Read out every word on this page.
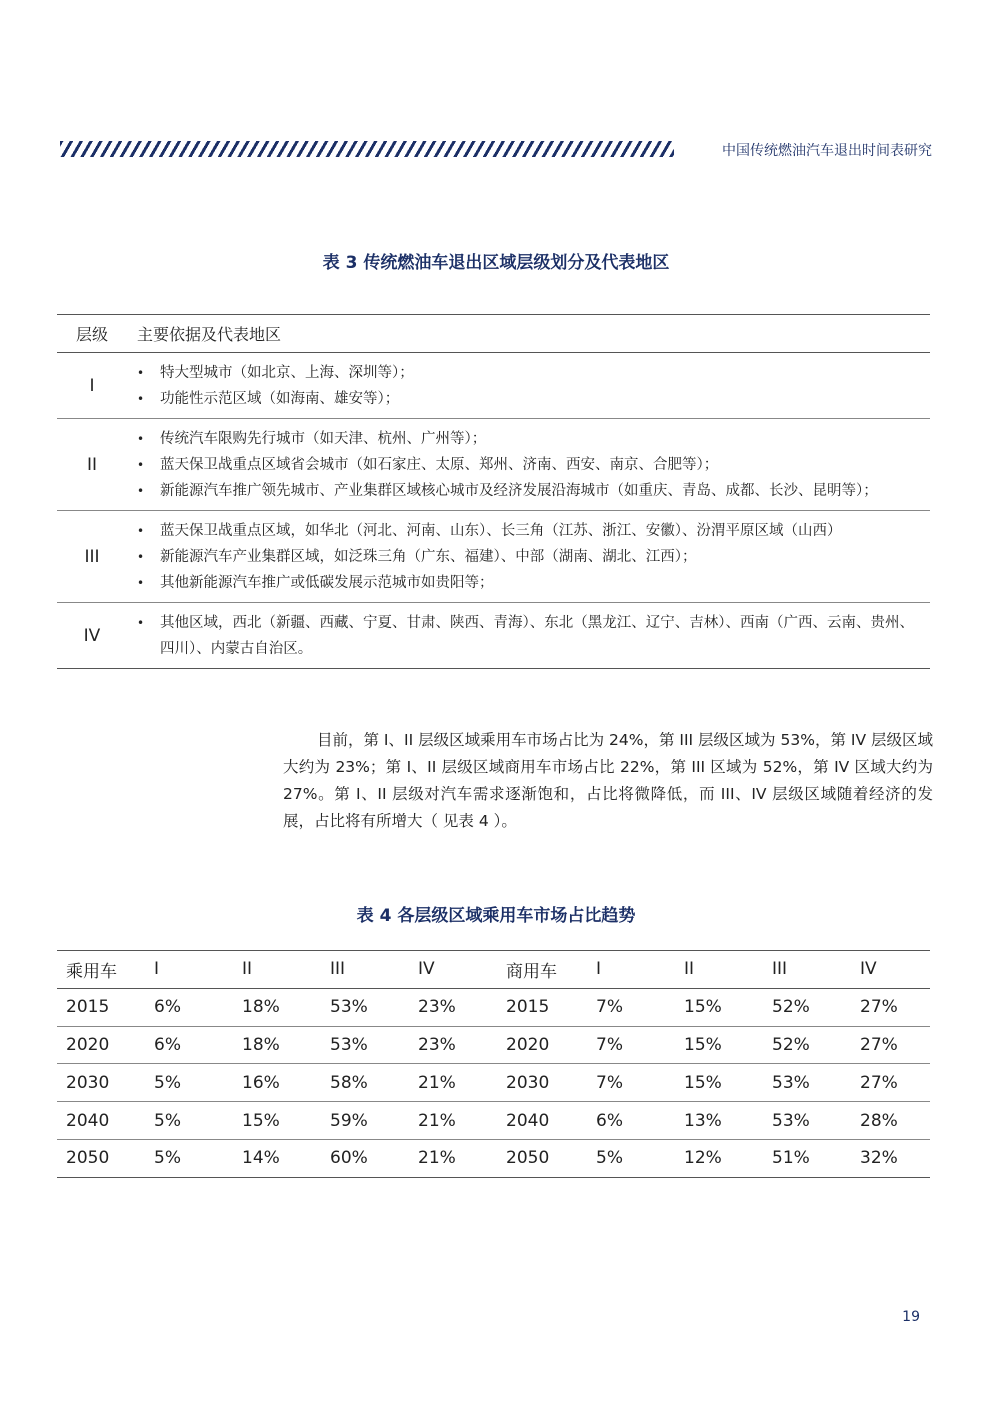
中国传统燃油汽车退出时间表研究
表 3 传统燃油车退出区域层级划分及代表地区
层级	主要依据及代表地区
I
• 特大型城市（如北京、上海、深圳等）；
• 功能性示范区域（如海南、雄安等）；
II
• 传统汽车限购先行城市（如天津、杭州、广州等）；
• 蓝天保卫战重点区域省会城市（如石家庄、太原、郑州、济南、西安、南京、合肥等）；
• 新能源汽车推广领先城市、产业集群区域核心城市及经济发展沿海城市（如重庆、青岛、成都、长沙、昆明等）；
III
• 蓝天保卫战重点区域，如华北（河北、河南、山东）、长三角（江苏、浙江、安徽）、汾渭平原区域（山西）
• 新能源汽车产业集群区域，如泛珠三角（广东、福建）、中部（湖南、湖北、江西）；
• 其他新能源汽车推广或低碳发展示范城市如贵阳等；
IV
• 其他区域，西北（新疆、西藏、宁夏、甘肃、陕西、青海）、东北（黑龙江、辽宁、吉林）、西南（广西、云南、贵州、四川）、内蒙古自治区。
目前，第 I、II 层级区域乘用车市场占比为 24%，第 III 层级区域为 53%，第 IV 层级区域大约为 23%；第 I、II 层级区域商用车市场占比 22%，第 III 区域为 52%，第 IV 区域大约为 27%。第 I、II 层级对汽车需求逐渐饱和，占比将微降低，而 III、IV 层级区域随着经济的发展，占比将有所增大（ 见表 4 ）。
表 4 各层级区域乘用车市场占比趋势
乘用车	I	II	III	IV	商用车	I	II	III	IV
2015	6%	18%	53%	23%	2015	7%	15%	52%	27%
2020	6%	18%	53%	23%	2020	7%	15%	52%	27%
2030	5%	16%	58%	21%	2030	7%	15%	53%	27%
2040	5%	15%	59%	21%	2040	6%	13%	53%	28%
2050	5%	14%	60%	21%	2050	5%	12%	51%	32%
19
